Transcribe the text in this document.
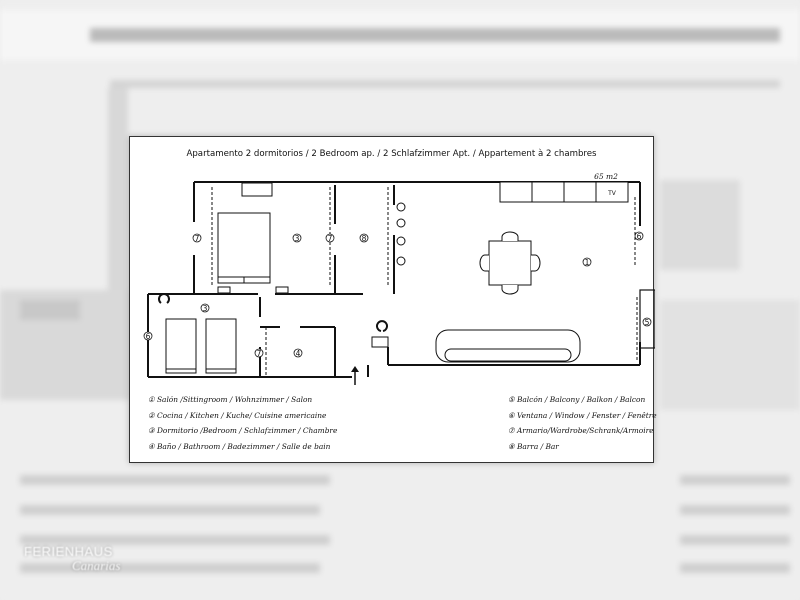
Apartamento 2 dormitorios / 2 Bedroom ap. / 2 Schlafzimmer Apt. / Appartement à 2 chambres
TV
65 m2
3
3
8
4
1
5
6
6
7	7
7
① Salón /Sittingroom / Wohnzimmer / Salon
② Cocina / Kitchen / Kuche/ Cuisine americaine
③ Dormitorio /Bedroom / Schlafzimmer / Chambre
④ Baño / Bathroom / Badezimmer / Salle de bain
⑤ Balcón / Balcony / Balkon / Balcon
⑥ Ventana / Window / Fenster / Fenêtre
⑦ Armario/Wardrobe/Schrank/Armoire
⑧ Barra / Bar
FERIENHAUS
Canarias
